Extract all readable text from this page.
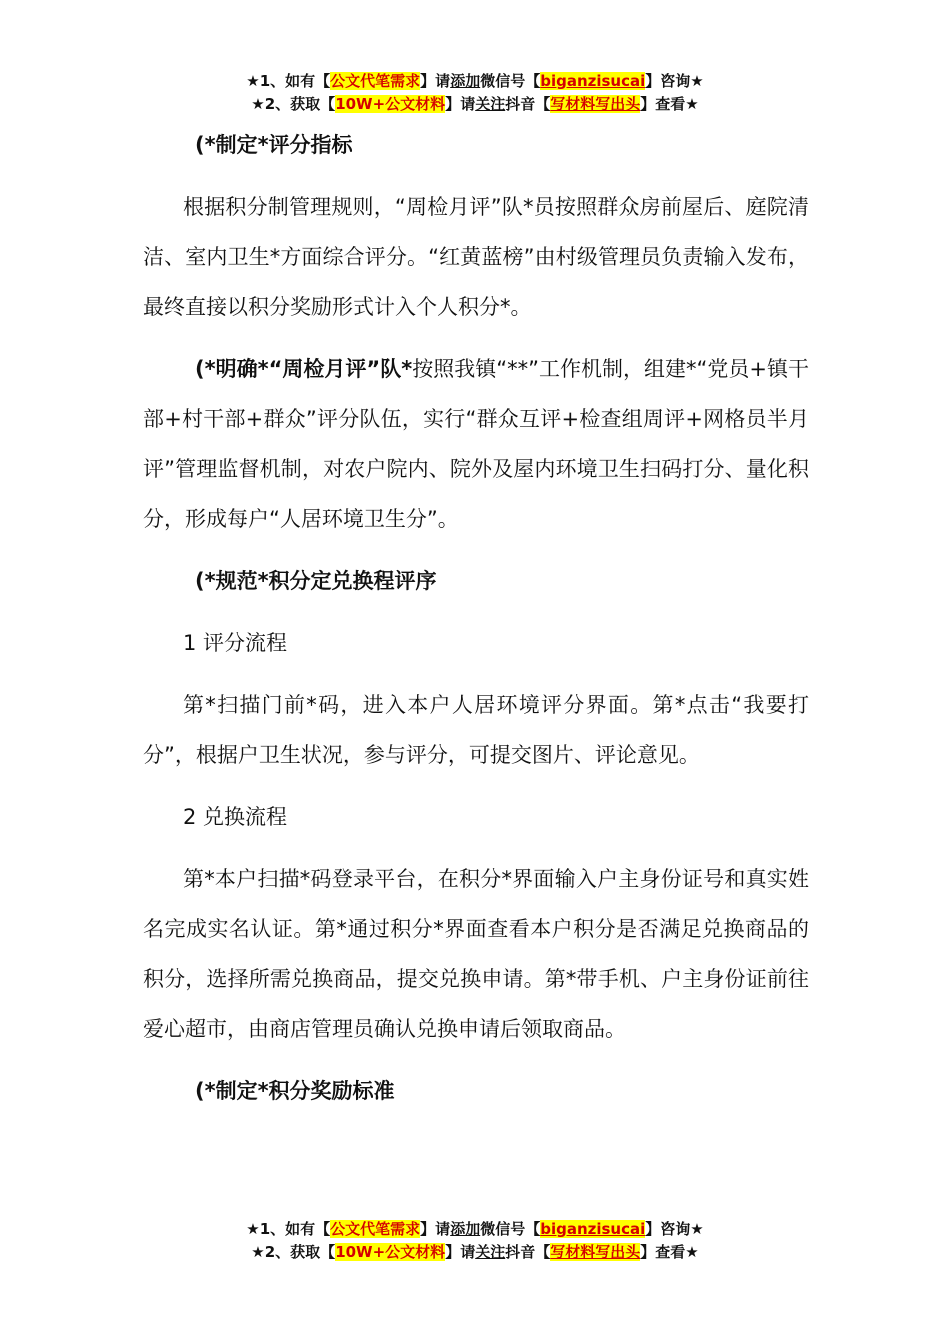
★1、如有【公文代笔需求】请添加微信号【biganzisucai】咨询★
★2、获取【10W+公文材料】请关注抖音【写材料写出头】查看★

(*制定*评分指标

根据积分制管理规则，“周检月评”队*员按照群众房前屋后、庭院清洁、室内卫生*方面综合评分。“红黄蓝榜”由村级管理员负责输入发布，最终直接以积分奖励形式计入个人积分*。

(*明确*“周检月评”队*按照我镇“**”工作机制，组建*“党员+镇干部+村干部+群众”评分队伍，实行“群众互评+检查组周评+网格员半月评”管理监督机制，对农户院内、院外及屋内环境卫生扫码打分、量化积分，形成每户“人居环境卫生分”。

(*规范*积分定兑换程评序

1 评分流程

第*扫描门前*码，进入本户人居环境评分界面。第*点击“我要打分”，根据户卫生状况，参与评分，可提交图片、评论意见。

2 兑换流程

第*本户扫描*码登录平台，在积分*界面输入户主身份证号和真实姓名完成实名认证。第*通过积分*界面查看本户积分是否满足兑换商品的积分，选择所需兑换商品，提交兑换申请。第*带手机、户主身份证前往爱心超市，由商店管理员确认兑换申请后领取商品。

(*制定*积分奖励标准

★1、如有【公文代笔需求】请添加微信号【biganzisucai】咨询★
★2、获取【10W+公文材料】请关注抖音【写材料写出头】查看★
